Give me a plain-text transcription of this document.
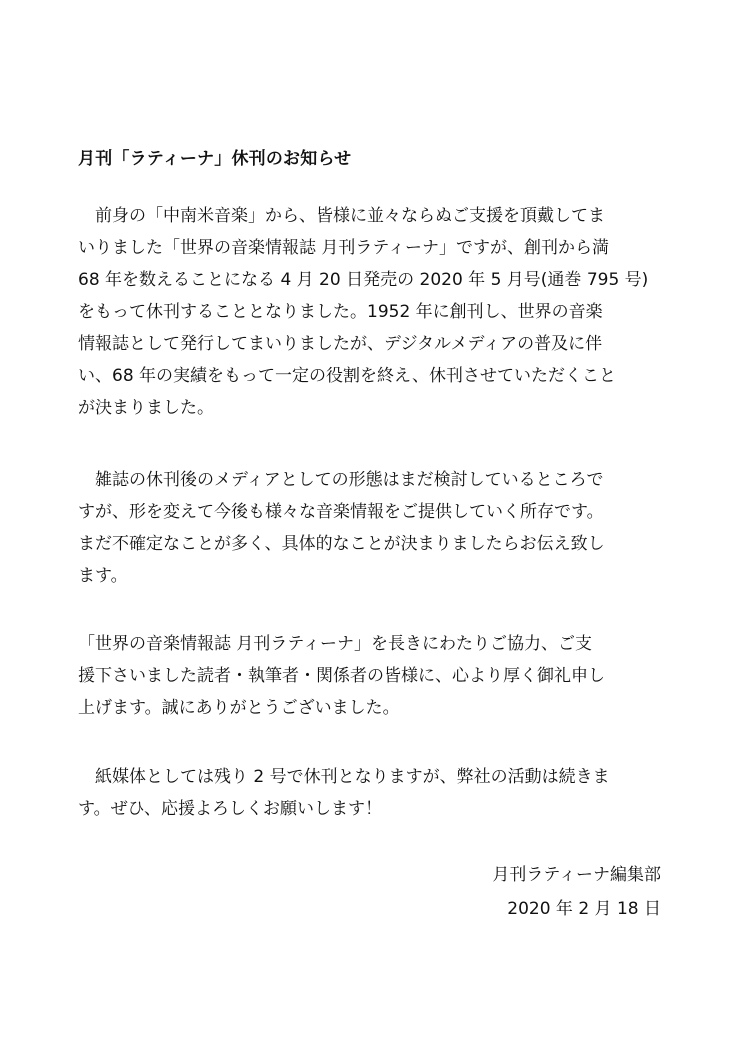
月刊「ラティーナ」休刊のお知らせ
　前身の「中南米音楽」から、皆様に並々ならぬご支援を頂戴してま
いりました「世界の音楽情報誌 月刊ラティーナ」ですが、創刊から満
68 年を数えることになる 4 月 20 日発売の 2020 年 5 月号(通巻 795 号)
をもって休刊することとなりました。1952 年に創刊し、世界の音楽
情報誌として発行してまいりましたが、デジタルメディアの普及に伴
い、68 年の実績をもって一定の役割を終え、休刊させていただくこと
が決まりました。
　雑誌の休刊後のメディアとしての形態はまだ検討しているところで
すが、形を変えて今後も様々な音楽情報をご提供していく所存です。
まだ不確定なことが多く、具体的なことが決まりましたらお伝え致し
ます。
「世界の音楽情報誌 月刊ラティーナ」を長きにわたりご協力、ご支
援下さいました読者・執筆者・関係者の皆様に、心より厚く御礼申し
上げます。誠にありがとうございました。
　紙媒体としては残り 2 号で休刊となりますが、弊社の活動は続きま
す。ぜひ、応援よろしくお願いします！
月刊ラティーナ編集部
2020 年 2 月 18 日
